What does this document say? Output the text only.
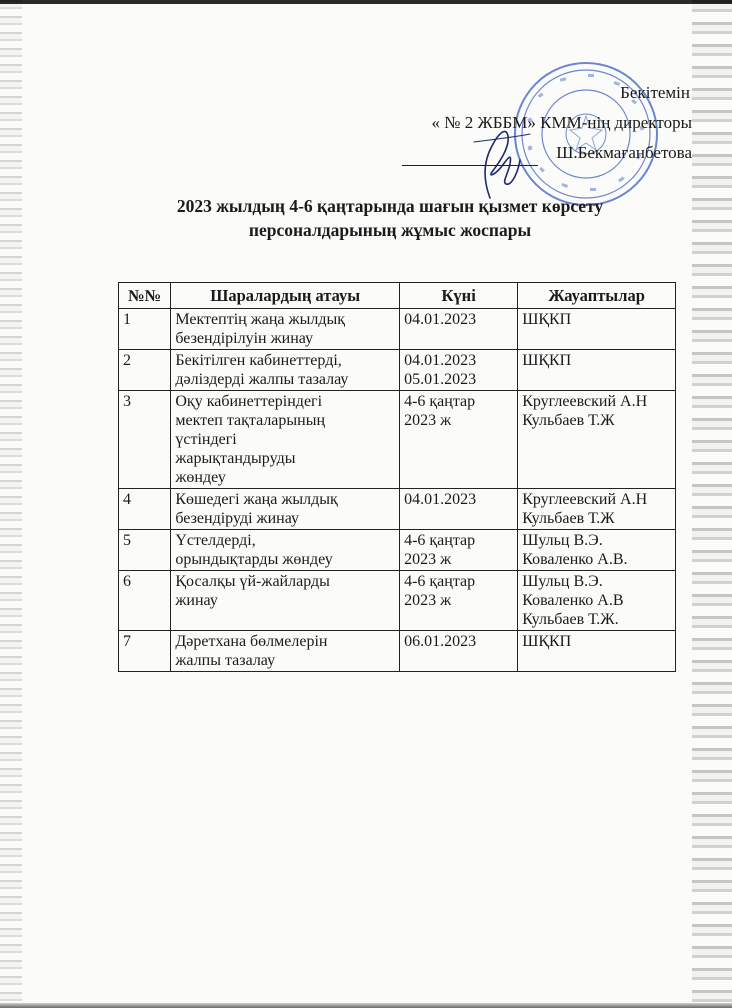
Бекітемін
« № 2 ЖББМ» КММ-нің директоры
Ш.Бекмағанбетова
2023 жылдың 4-6 қаңтарында шағын қызмет көрсету
персоналдарының жұмыс жоспары
№№	Шаралардың атауы	Күні	Жауаптылар
1	Мектептің жаңа жылдық
безендірілуін жинау	04.01.2023	ШҚКП

2	Бекітілген кабинеттерді,
дәліздерді жалпы тазалау	04.01.2023
05.01.2023	ШҚКП

3	Оқу кабинеттеріндегі
мектеп тақталарының
үстіндегі
жарықтандыруды
жөндеу	4-6 қаңтар
2023 ж	Круглеевский А.Н
Кульбаев Т.Ж

4	Көшедегі жаңа жылдық
безендіруді жинау	04.01.2023	Круглеевский А.Н
Кульбаев Т.Ж

5	Үстелдерді,
орындықтарды жөндеу	4-6 қаңтар
2023 ж	Шульц В.Э.
Коваленко А.В.

6	Қосалқы үй-жайларды
жинау	4-6 қаңтар
2023 ж	Шульц В.Э.
Коваленко А.В
Кульбаев Т.Ж.

7	Дәретхана бөлмелерін
жалпы тазалау	06.01.2023	ШҚКП
